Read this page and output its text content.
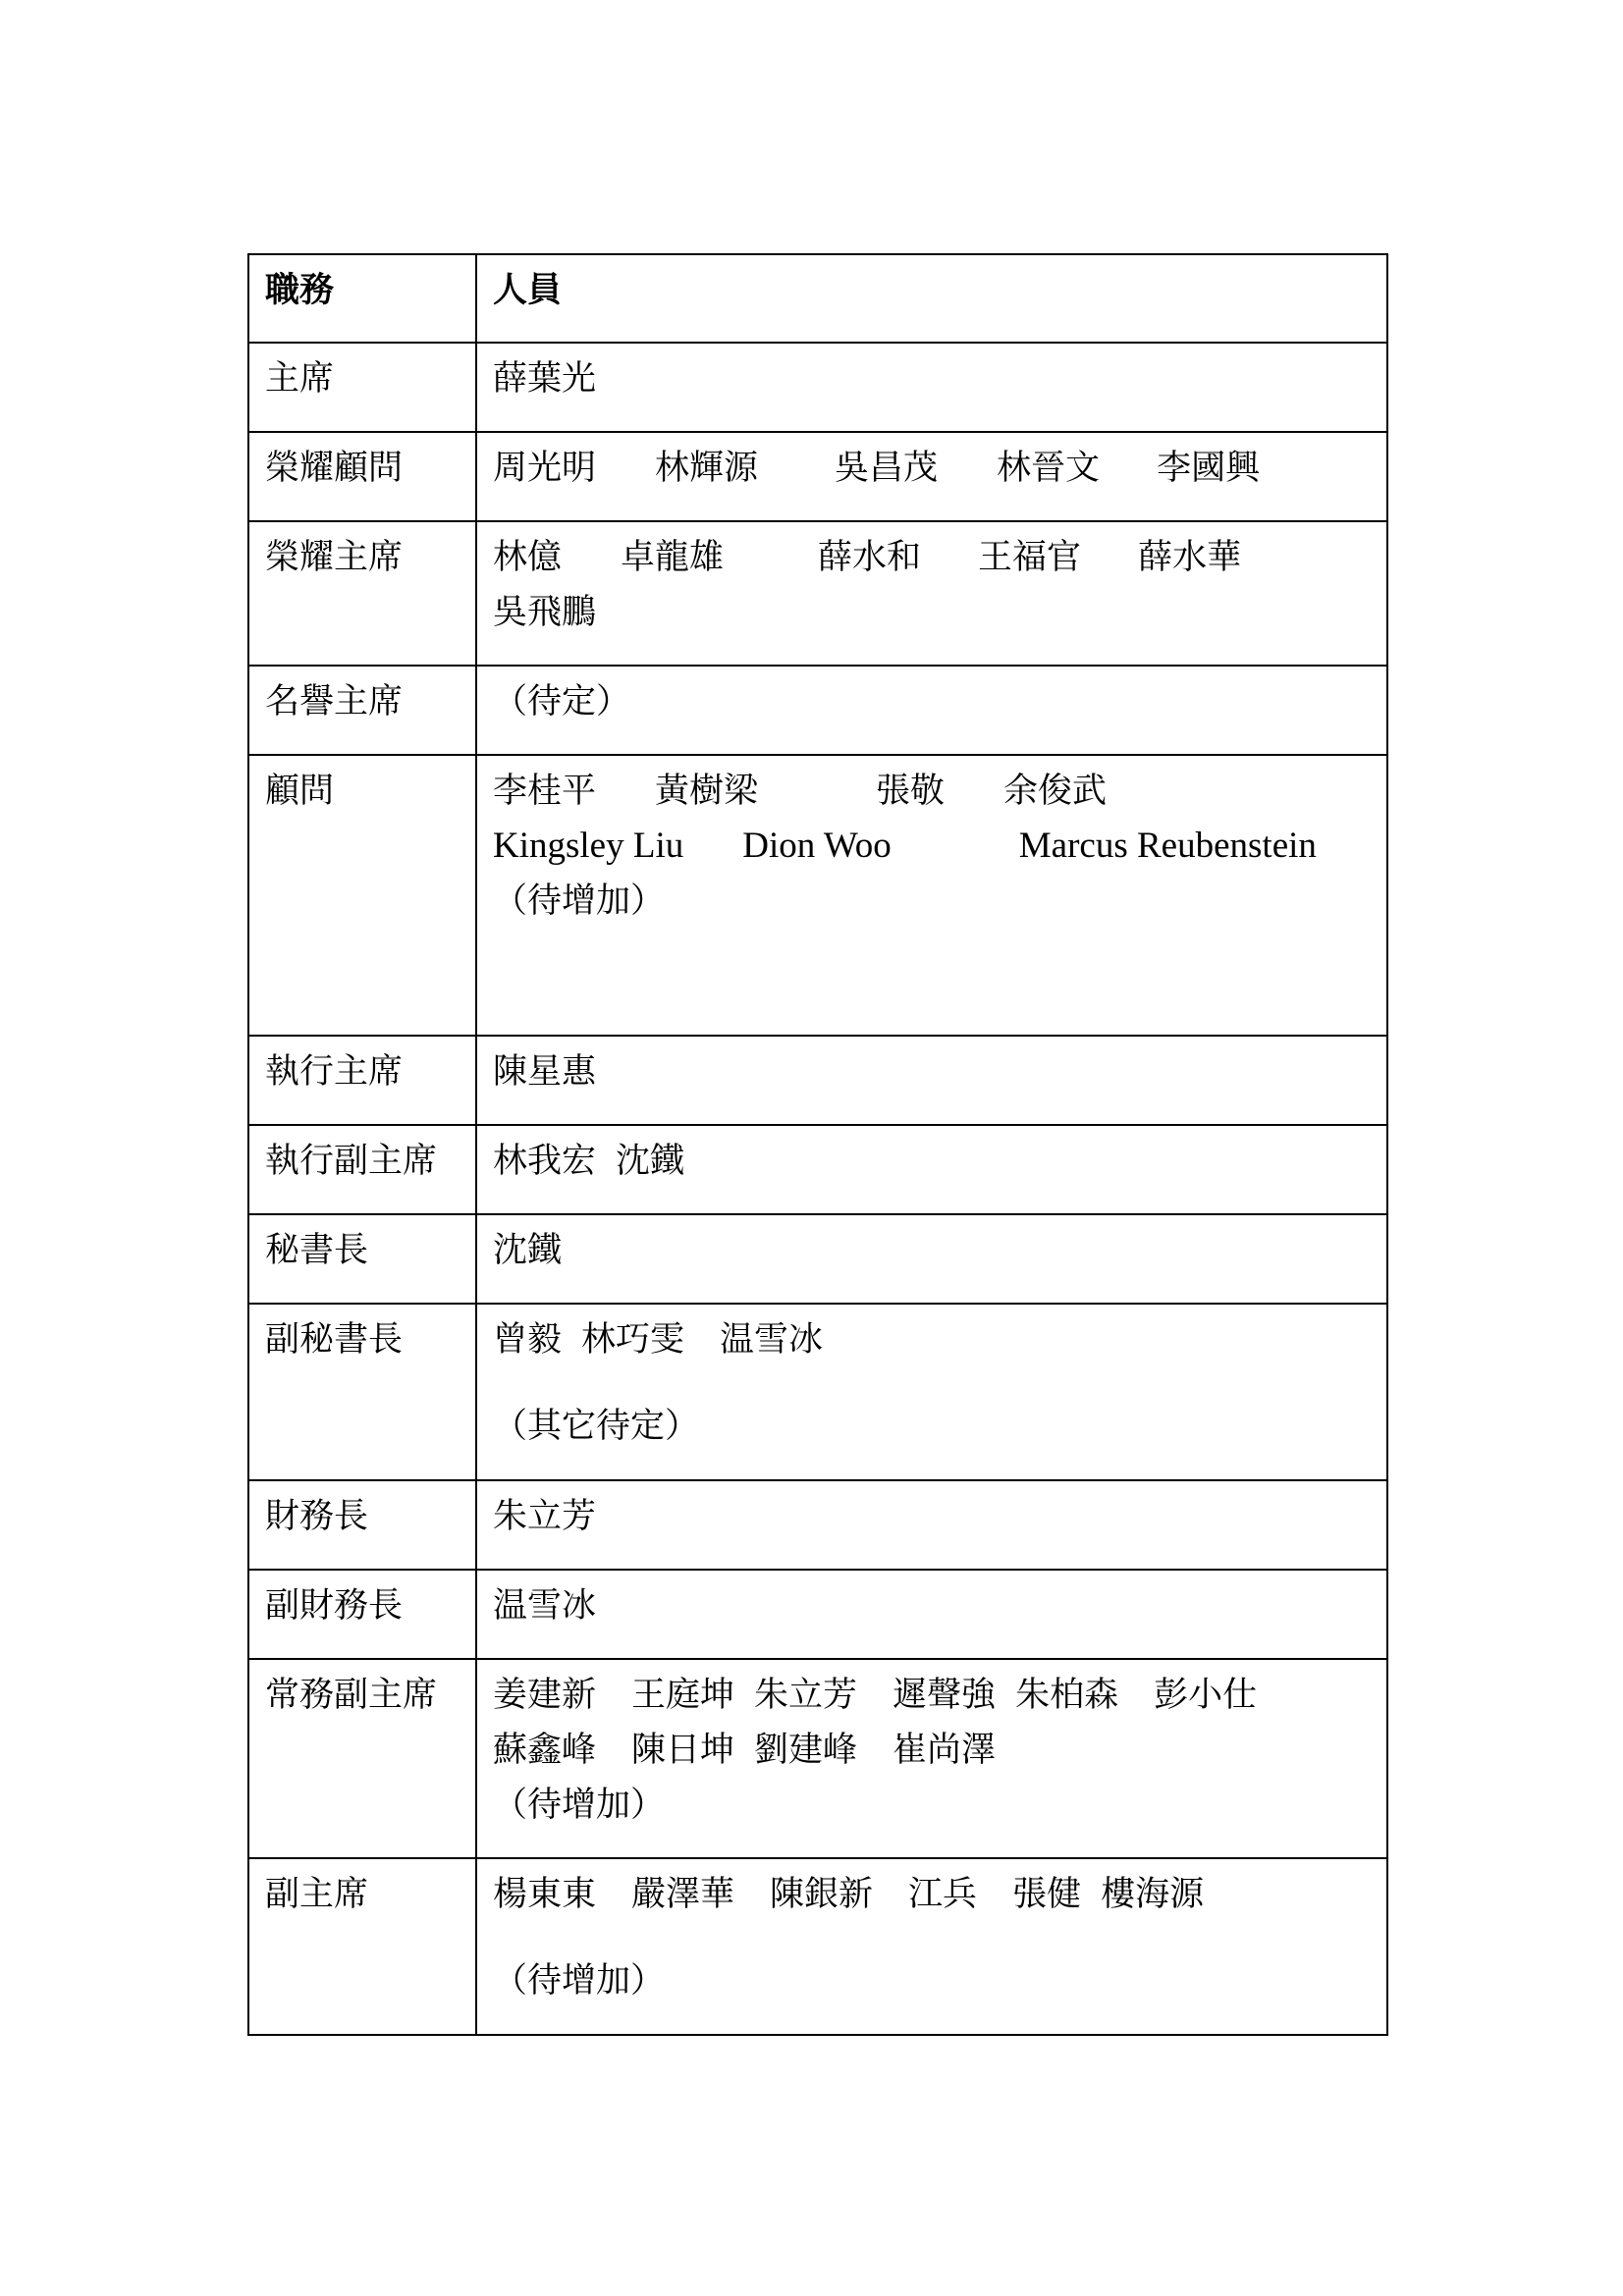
職務	人員
主席	薛葉光

榮耀顧問	周光明 林輝源 吳昌茂 林晉文 李國興

榮耀主席	林億 卓龍雄 薛水和 王福官 薛水華
吳飛鵬

名譽主席	（待定）

顧問	李桂平 黃樹梁 張敬 余俊武
Kingsley Liu Dion Woo Marcus Reubenstein
（待增加）

執行主席	陳星惠

執行副主席	林我宏 沈鐵

秘書長	沈鐵

副秘書長	曾毅 林巧雯 温雪冰
（其它待定）

財務長	朱立芳

副財務長	温雪冰

常務副主席	姜建新 王庭坤 朱立芳 遲聲強 朱柏森 彭小仕
蘇鑫峰 陳日坤 劉建峰 崔尚澤
（待增加）

副主席	楊東東 嚴澤華 陳銀新 江兵 張健 樓海源
（待增加）
